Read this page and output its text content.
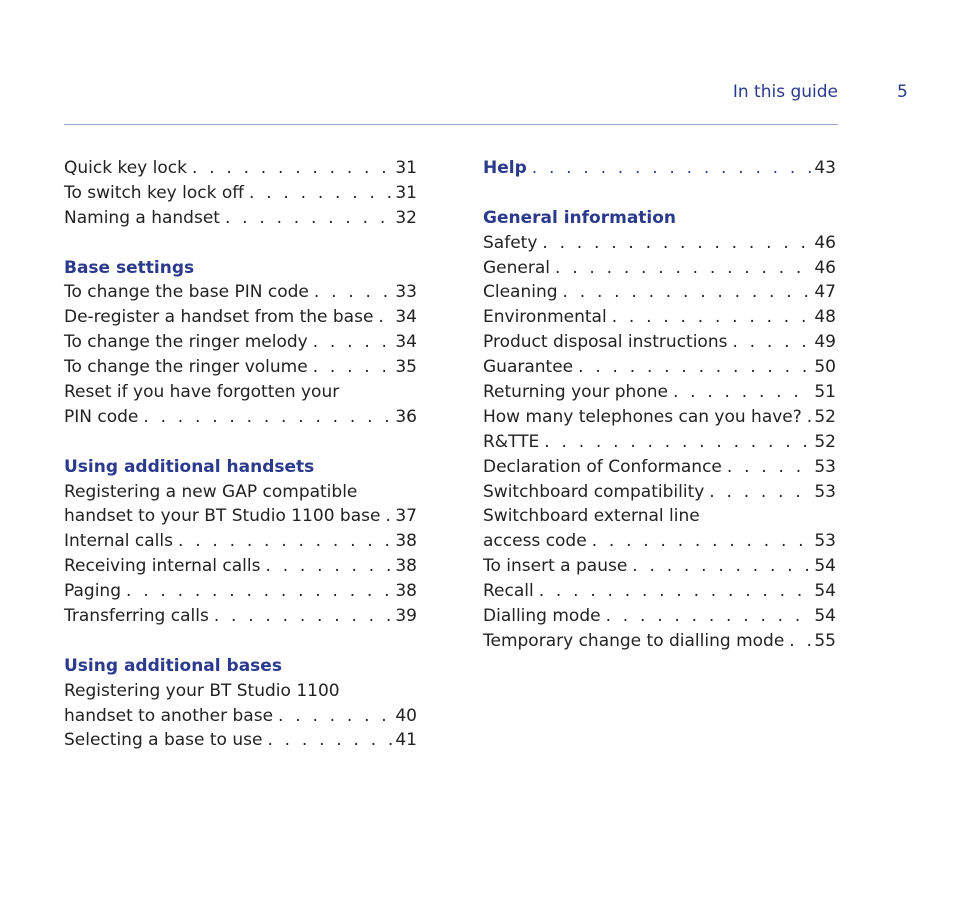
In this guide	5
Quick key lock . . .	31
To switch key lock off . . .	31
Naming a handset . . .	32
Base settings
To change the base PIN code . . .	33
De-register a handset from the base . . . 34
To change the ringer melody . . .	34
To change the ringer volume . . .	35
Reset if you have forgotten your
PIN code . . .	36
Using additional handsets
Registering a new GAP compatible
handset to your BT Studio 1100 base . . . 37
Internal calls . . .	38
Receiving internal calls . . .	38
Paging . . .	38
Transferring calls . . .	39
Using additional bases
Registering your BT Studio 1100
handset to another base . . .	40
Selecting a base to use . . .	41
Help . . .	43
General information
Safety . . .	46
General . . .	46
Cleaning . . .	47
Environmental . . .	48
Product disposal instructions . . .	49
Guarantee . . .	50
Returning your phone . . .	51
How many telephones can you have? . . . 52
R&TTE . . .	52
Declaration of Conformance . . .	53
Switchboard compatibility . . .	53
Switchboard external line
access code . . .	53
To insert a pause . . .	54
Recall . . .	54
Dialling mode . . .	54
Temporary change to dialling mode . . . 55
